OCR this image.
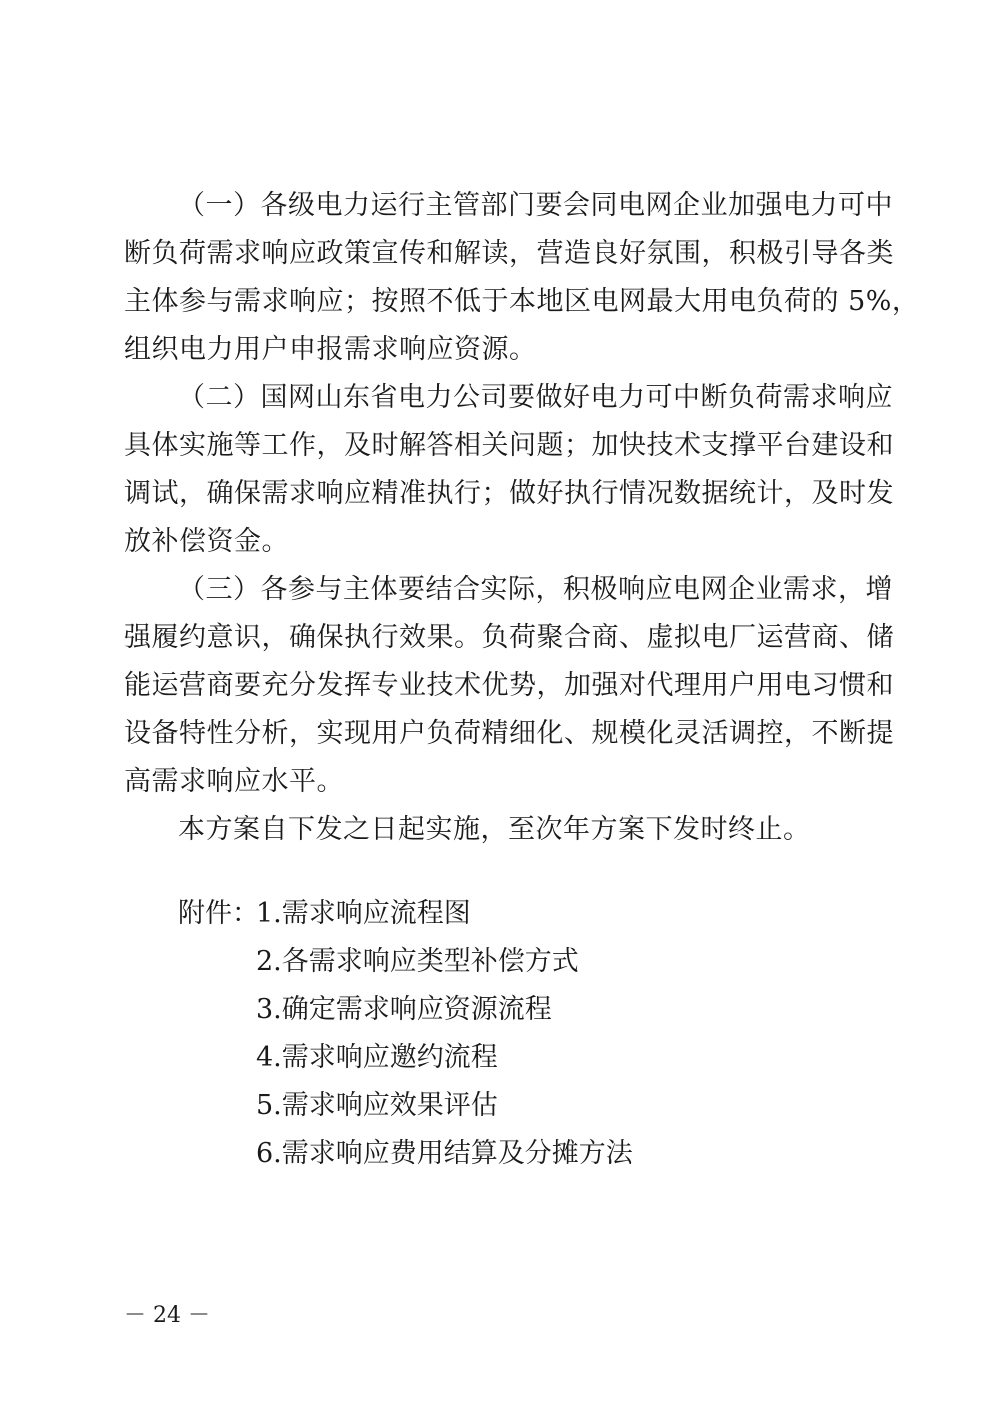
（一）各级电力运行主管部门要会同电网企业加强电力可中
断负荷需求响应政策宣传和解读，营造良好氛围，积极引导各类
主体参与需求响应；按照不低于本地区电网最大用电负荷的 5%，
组织电力用户申报需求响应资源。
（二）国网山东省电力公司要做好电力可中断负荷需求响应
具体实施等工作，及时解答相关问题；加快技术支撑平台建设和
调试，确保需求响应精准执行；做好执行情况数据统计，及时发
放补偿资金。
（三）各参与主体要结合实际，积极响应电网企业需求，增
强履约意识，确保执行效果。负荷聚合商、虚拟电厂运营商、储
能运营商要充分发挥专业技术优势，加强对代理用户用电习惯和
设备特性分析，实现用户负荷精细化、规模化灵活调控，不断提
高需求响应水平。
本方案自下发之日起实施，至次年方案下发时终止。
附件：
1.需求响应流程图
2.各需求响应类型补偿方式
3.确定需求响应资源流程
4.需求响应邀约流程
5.需求响应效果评估
6.需求响应费用结算及分摊方法
－ 24 －
